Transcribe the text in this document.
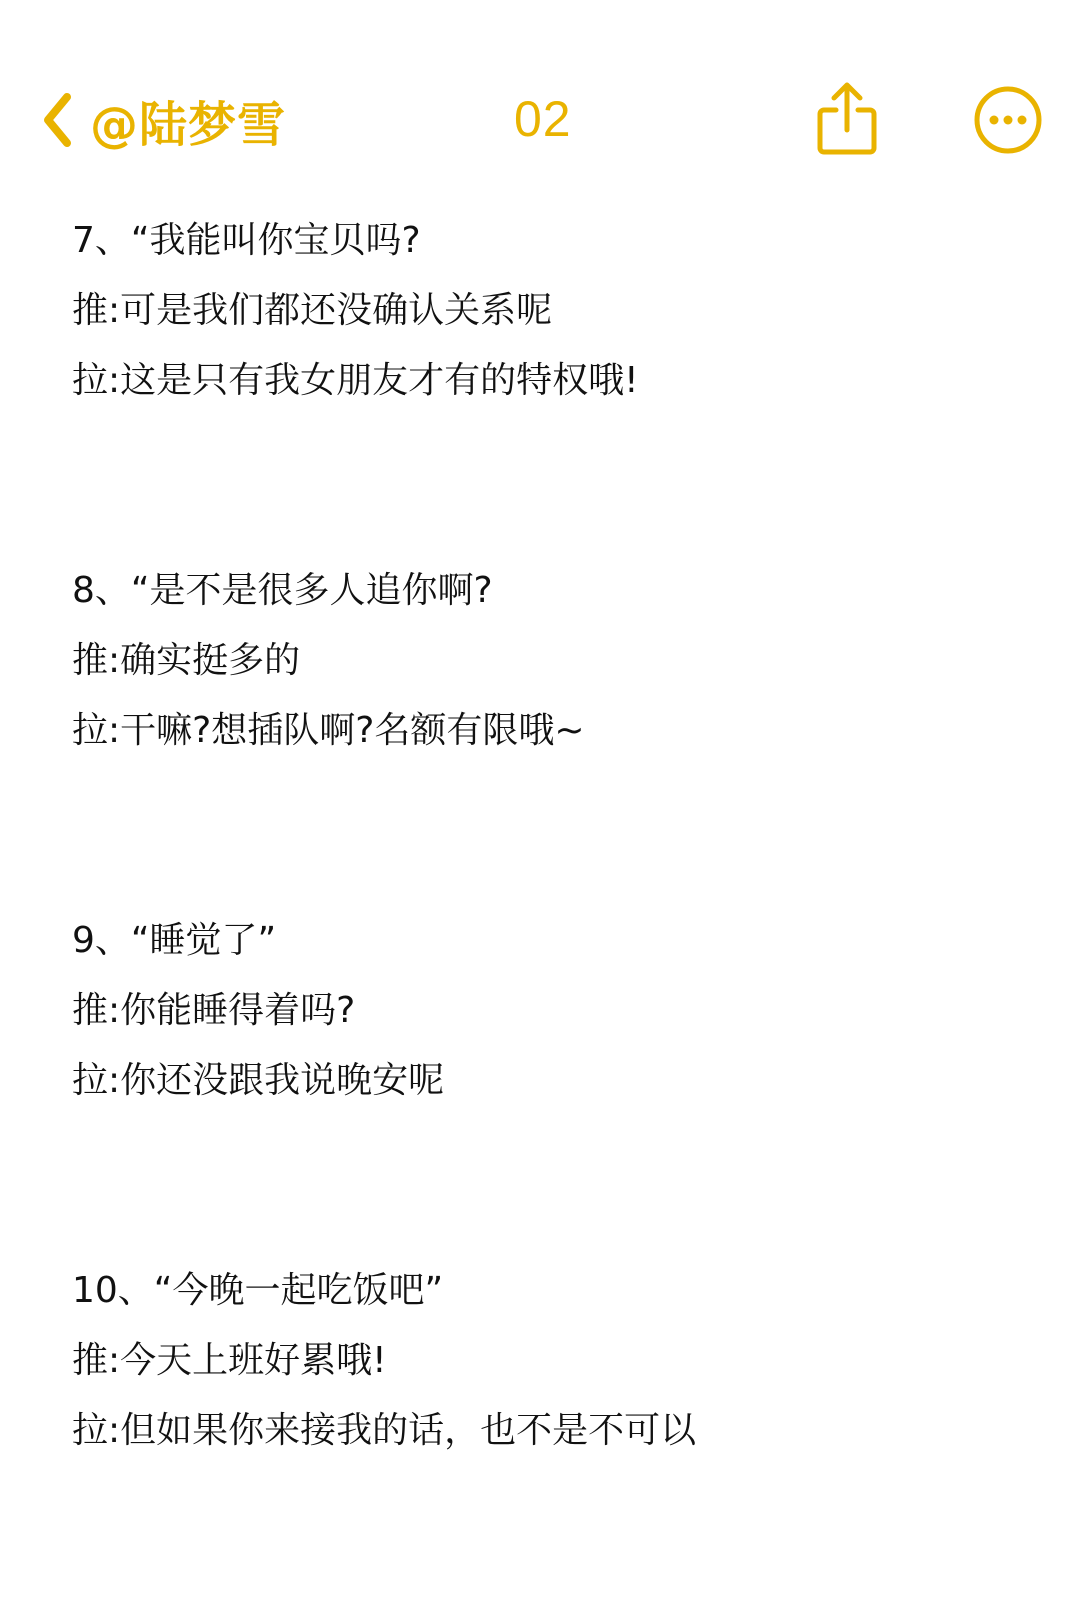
@陆梦雪	02
7、“我能叫你宝贝吗?
推:可是我们都还没确认关系呢
拉:这是只有我女朋友才有的特权哦!
8、“是不是很多人追你啊?
推:确实挺多的
拉:干嘛?想插队啊?名额有限哦~
9、“睡觉了”
推:你能睡得着吗?
拉:你还没跟我说晚安呢
10、“今晚一起吃饭吧”
推:今天上班好累哦!
拉:但如果你来接我的话，也不是不可以
